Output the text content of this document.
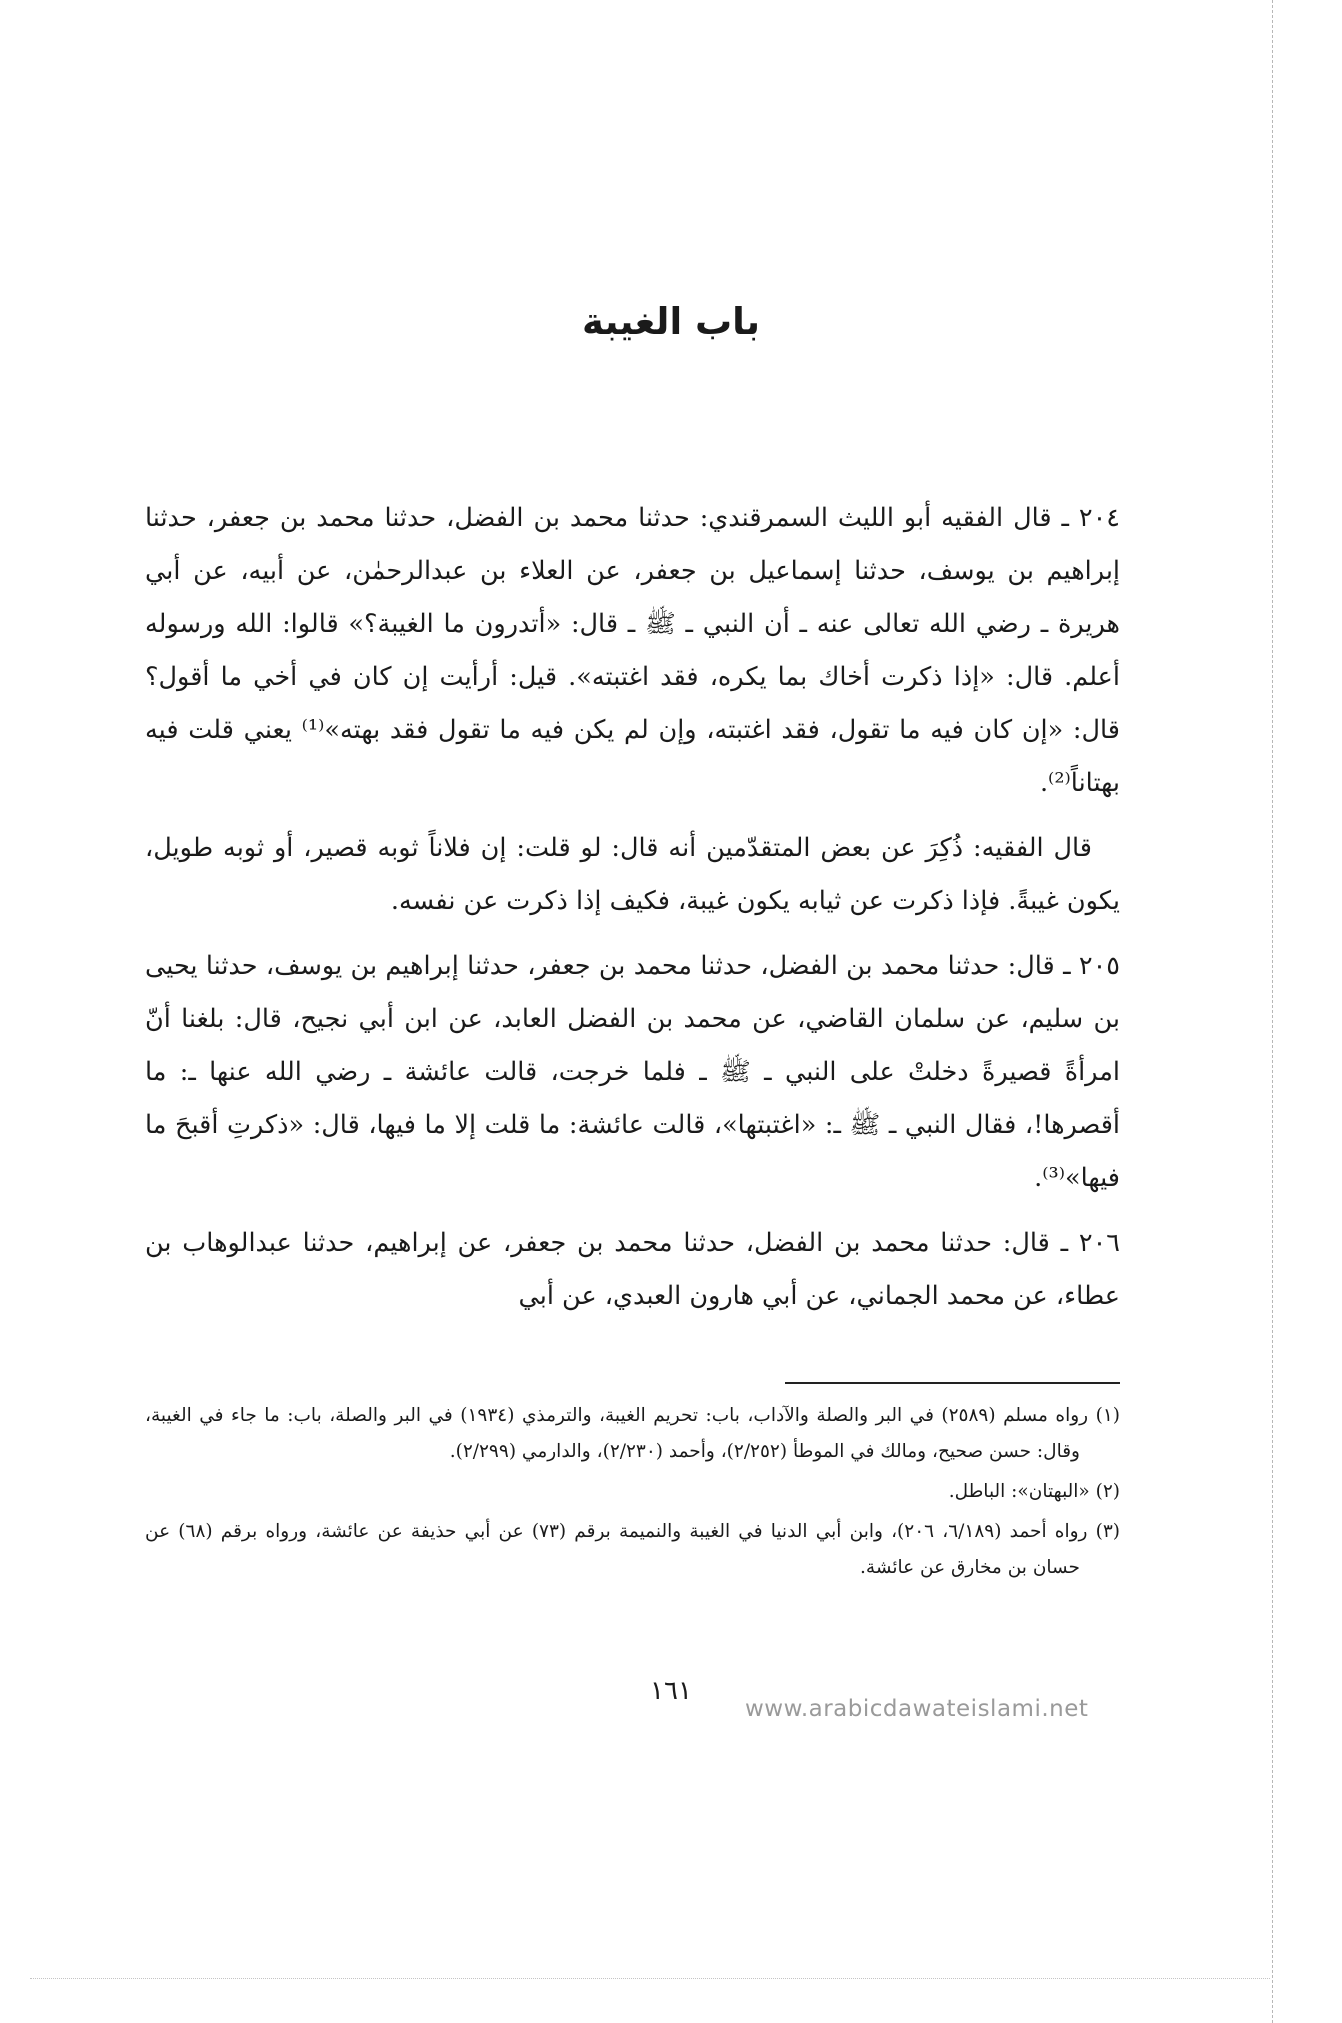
باب الغيبة

٢٠٤ ـ قال الفقيه أبو الليث السمرقندي: حدثنا محمد بن الفضل، حدثنا محمد بن جعفر، حدثنا إبراهيم بن يوسف، حدثنا إسماعيل بن جعفر، عن العلاء بن عبدالرحمٰن، عن أبيه، عن أبي هريرة ـ رضي الله تعالى عنه ـ أن النبي ـ ﷺ ـ قال: «أتدرون ما الغيبة؟» قالوا: الله ورسوله أعلم. قال: «إذا ذكرت أخاك بما يكره، فقد اغتبته». قيل: أرأيت إن كان في أخي ما أقول؟ قال: «إن كان فيه ما تقول، فقد اغتبته، وإن لم يكن فيه ما تقول فقد بهته»⁽¹⁾ يعني قلت فيه بهتاناً⁽²⁾.

قال الفقيه: ذُكِرَ عن بعض المتقدّمين أنه قال: لو قلت: إن فلاناً ثوبه قصير، أو ثوبه طويل، يكون غيبةً. فإذا ذكرت عن ثيابه يكون غيبة، فكيف إذا ذكرت عن نفسه.

٢٠٥ ـ قال: حدثنا محمد بن الفضل، حدثنا محمد بن جعفر، حدثنا إبراهيم بن يوسف، حدثنا يحيى بن سليم، عن سلمان القاضي، عن محمد بن الفضل العابد، عن ابن أبي نجيح، قال: بلغنا أنّ امرأةً قصيرةً دخلتْ على النبي ـ ﷺ ـ فلما خرجت، قالت عائشة ـ رضي الله عنها ـ: ما أقصرها!، فقال النبي ـ ﷺ ـ: «اغتبتها»، قالت عائشة: ما قلت إلا ما فيها، قال: «ذكرتِ أقبحَ ما فيها»⁽³⁾.

٢٠٦ ـ قال: حدثنا محمد بن الفضل، حدثنا محمد بن جعفر، عن إبراهيم، حدثنا عبدالوهاب بن عطاء، عن محمد الجماني، عن أبي هارون العبدي، عن أبي

(١) رواه مسلم (٢٥٨٩) في البر والصلة والآداب، باب: تحريم الغيبة، والترمذي (١٩٣٤) في البر والصلة، باب: ما جاء في الغيبة، وقال: حسن صحيح، ومالك في الموطأ (٢/٢٥٢)، وأحمد (٢/٢٣٠)، والدارمي (٢/٢٩٩).

(٢) «البهتان»: الباطل.

(٣) رواه أحمد (٦/١٨٩، ٢٠٦)، وابن أبي الدنيا في الغيبة والنميمة برقم (٧٣) عن أبي حذيفة عن عائشة، ورواه برقم (٦٨) عن حسان بن مخارق عن عائشة.

١٦١
www.arabicdawateislami.net
